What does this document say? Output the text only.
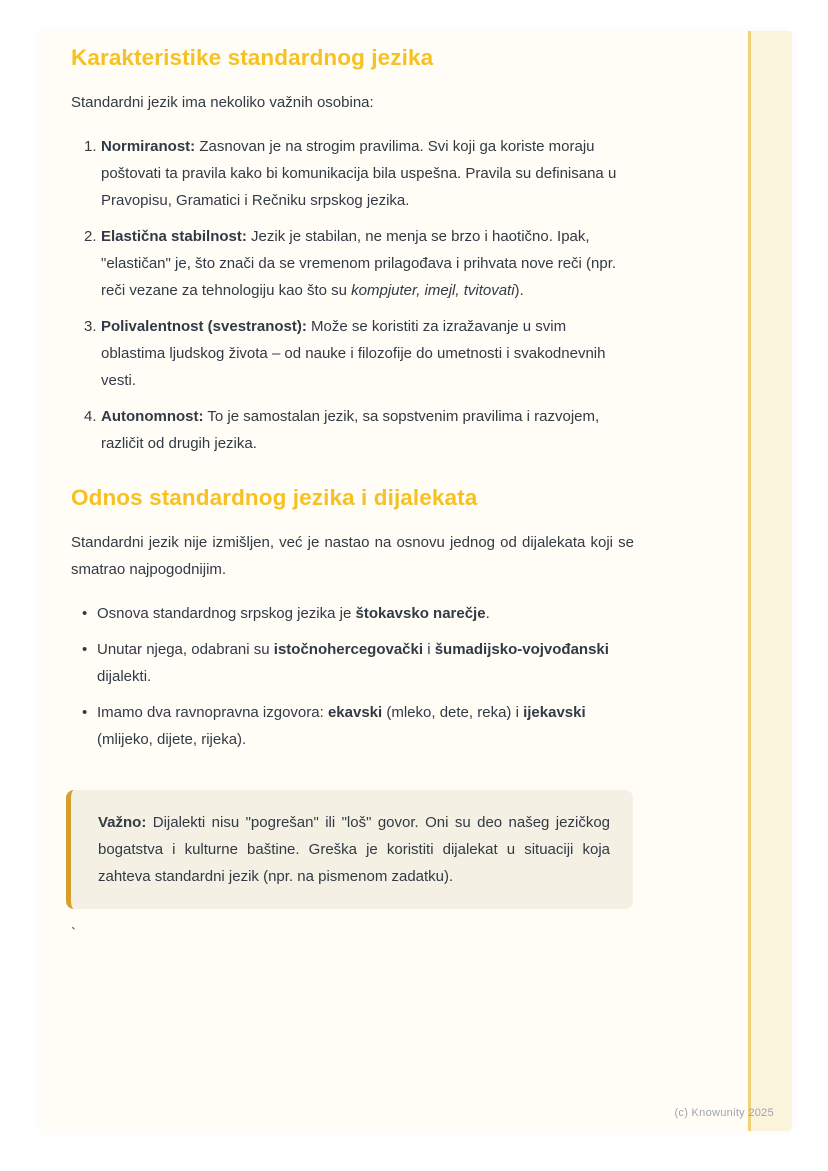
Karakteristike standardnog jezika

Standardni jezik ima nekoliko važnih osobina:

1. Normiranost: Zasnovan je na strogim pravilima. Svi koji ga koriste moraju poštovati ta pravila kako bi komunikacija bila uspešna. Pravila su definisana u Pravopisu, Gramatici i Rečniku srpskog jezika.
2. Elastična stabilnost: Jezik je stabilan, ne menja se brzo i haotično. Ipak, "elastičan" je, što znači da se vremenom prilagođava i prihvata nove reči (npr. reči vezane za tehnologiju kao što su kompjuter, imejl, tvitovati).
3. Polivalentnost (svestranost): Može se koristiti za izražavanje u svim oblastima ljudskog života – od nauke i filozofije do umetnosti i svakodnevnih vesti.
4. Autonomnost: To je samostalan jezik, sa sopstvenim pravilima i razvojem, različit od drugih jezika.
Odnos standardnog jezika i dijalekata

Standardni jezik nije izmišljen, već je nastao na osnovu jednog od dijalekata koji se smatrao najpogodnijim.

• Osnova standardnog srpskog jezika je štokavsko narečje.
• Unutar njega, odabrani su istočnohercegovački i šumadijsko-vojvođanski dijalekti.
• Imamo dva ravnopravna izgovora: ekavski (mleko, dete, reka) i ijekavski (mlijeko, dijete, rijeka).

Važno: Dijalekti nisu "pogrešan" ili "loš" govor. Oni su deo našeg jezičkog bogatstva i kulturne baštine. Greška je koristiti dijalekat u situaciji koja zahteva standardni jezik (npr. na pismenom zadatku).

`
(c) Knowunity 2025
